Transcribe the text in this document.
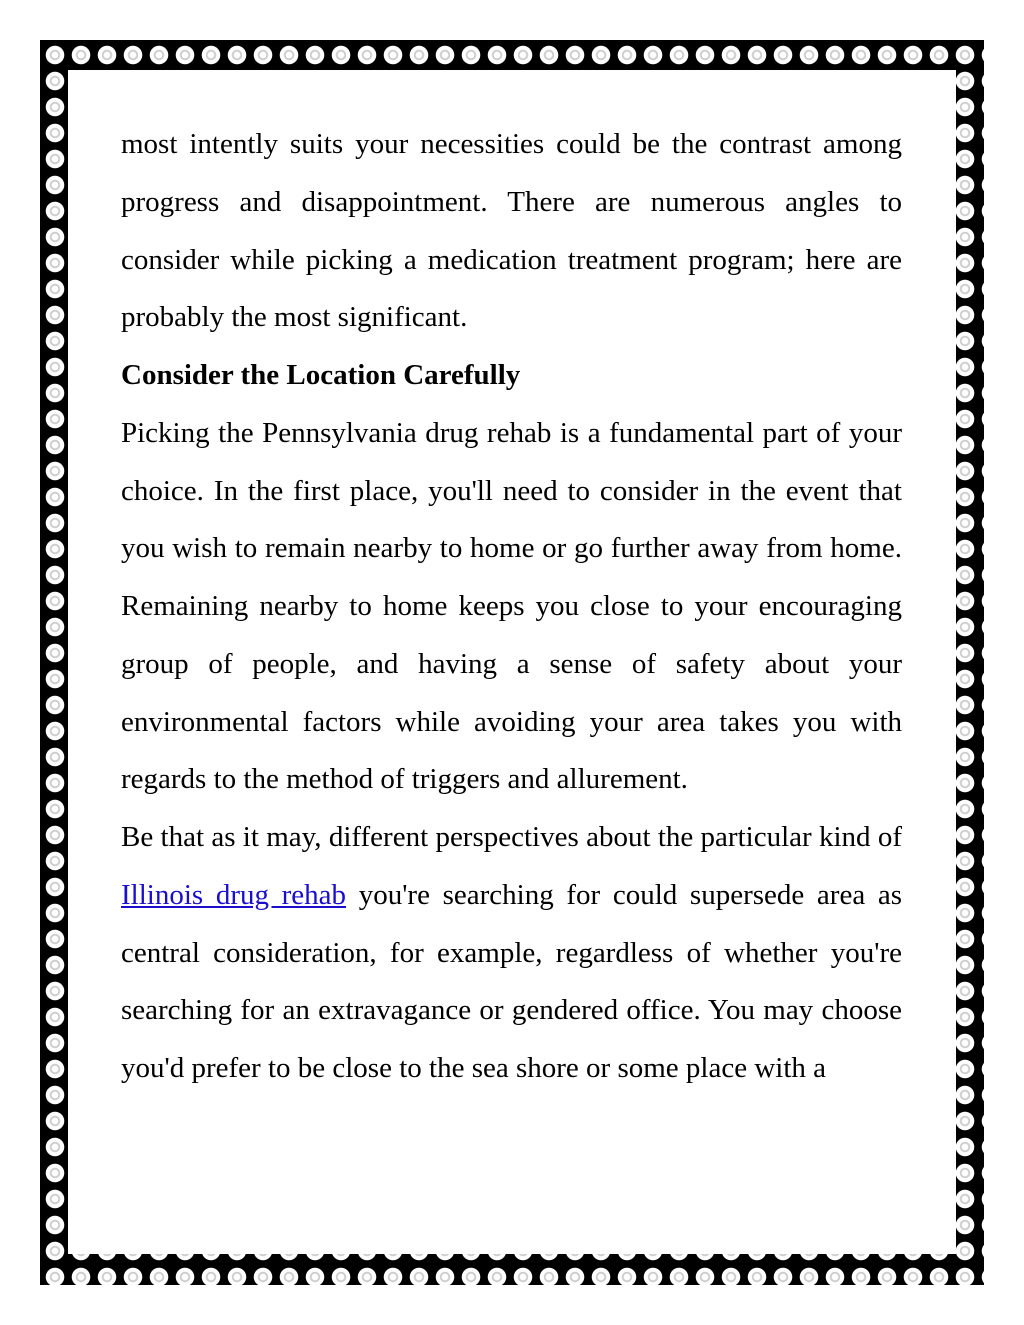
most intently suits your necessities could be the contrast among progress and disappointment. There are numerous angles to consider while picking a medication treatment program; here are probably the most significant.

Consider the Location Carefully

Picking the Pennsylvania drug rehab is a fundamental part of your choice. In the first place, you'll need to consider in the event that you wish to remain nearby to home or go further away from home. Remaining nearby to home keeps you close to your encouraging group of people, and having a sense of safety about your environmental factors while avoiding your area takes you with regards to the method of triggers and allurement.

Be that as it may, different perspectives about the particular kind of Illinois drug rehab you're searching for could supersede area as central consideration, for example, regardless of whether you're searching for an extravagance or gendered office. You may choose you'd prefer to be close to the sea shore or some place with a
